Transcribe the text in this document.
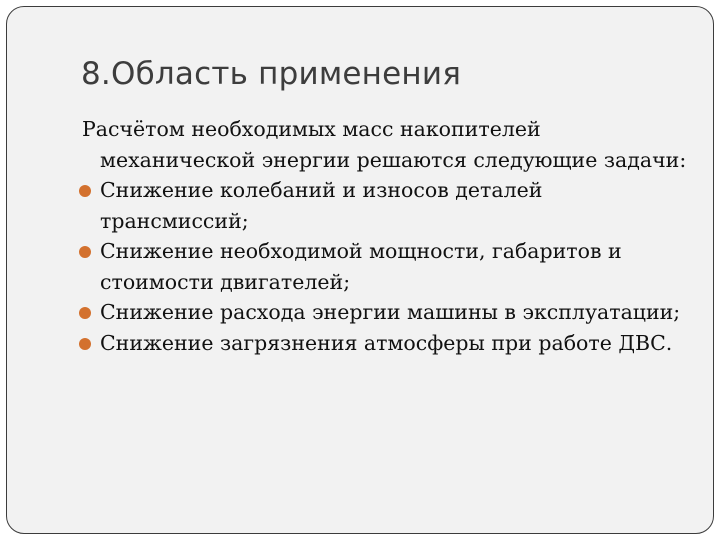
8.Область применения

Расчётом необходимых масс накопителей механической энергии решаются следующие задачи:

Снижение колебаний и износов деталей трансмиссий;
Снижение необходимой мощности, габаритов и стоимости двигателей;
Снижение расхода энергии машины в эксплуатации;
Снижение загрязнения атмосферы при работе ДВС.
